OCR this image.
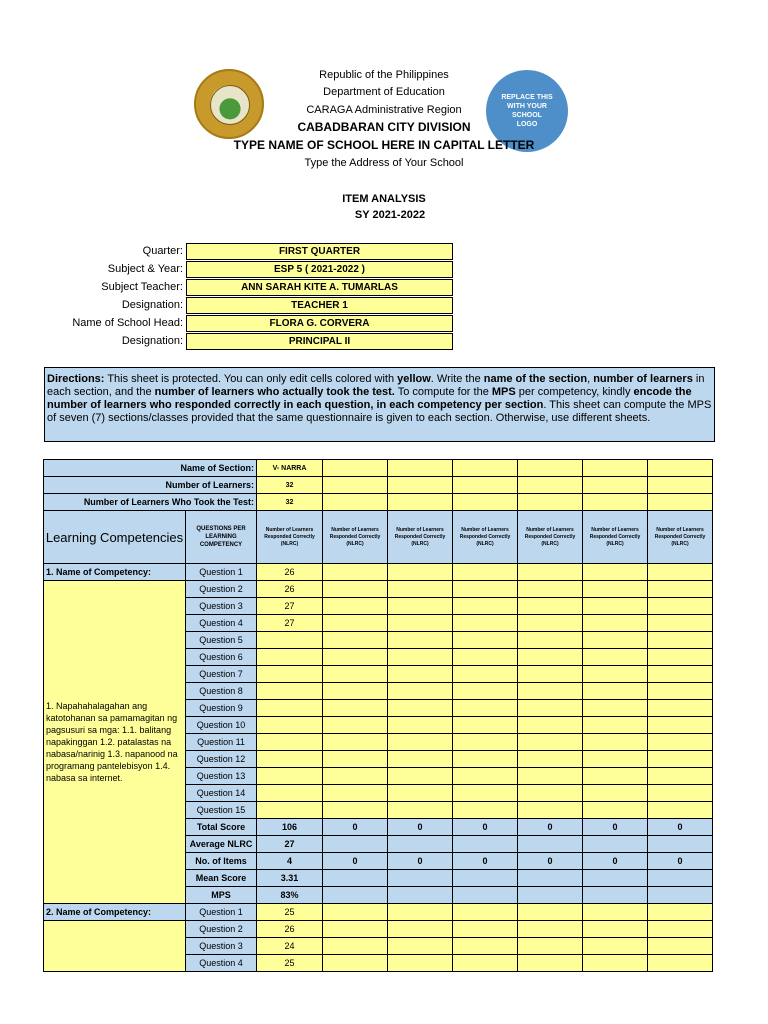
REPLACE THIS WITH YOUR SCHOOL LOGO
Republic of the Philippines
Department of Education
CARAGA Administrative Region
CABADBARAN CITY DIVISION
TYPE NAME OF SCHOOL HERE IN CAPITAL LETTER
Type the Address of Your School
ITEM ANALYSIS
SY 2021-2022
Quarter:	FIRST QUARTER
Subject & Year:	ESP 5 ( 2021-2022 )
Subject Teacher:	ANN SARAH KITE A. TUMARLAS
Designation:	TEACHER 1
Name of School Head:	FLORA G. CORVERA
Designation:	PRINCIPAL II
Directions: This sheet is protected. You can only edit cells colored with yellow. Write the name of the section, number of learners in each section, and the number of learners who actually took the test. To compute for the MPS per competency, kindly encode the number of learners who responded correctly in each question, in each competency per section. This sheet can compute the MPS of seven (7) sections/classes provided that the same questionnaire is given to each section. Otherwise, use different sheets.
Name of Section:		V- NARRA						
Number of Learners:		32						
Number of Learners Who Took the Test:		32						
Learning Competencies	QUESTIONS PER LEARNING COMPETENCY	Number of Learners Responded Correctly (NLRC)	Number of Learners Responded Correctly (NLRC)	Number of Learners Responded Correctly (NLRC)	Number of Learners Responded Correctly (NLRC)	Number of Learners Responded Correctly (NLRC)	Number of Learners Responded Correctly (NLRC)	Number of Learners Responded Correctly (NLRC)
1. Name of Competency:	Question 1	26						
1. Napahahalagahan ang katotohanan sa pamamagitan ng pagsusuri sa mga: 1.1. balitang napakinggan 1.2. patalastas na nabasa/narinig 1.3. napanood na programang pantelebisyon 1.4. nabasa sa internet.	Question 2	26						
	Question 3	27						
	Question 4	27						
	Question 5							
	Question 6							
	Question 7							
	Question 8							
	Question 9							
	Question 10							
	Question 11							
	Question 12							
	Question 13							
	Question 14							
	Question 15							
	Total Score	106	0	0	0	0	0	0
	Average NLRC	27						
	No. of Items	4	0	0	0	0	0	0
	Mean Score	3.31						
	MPS	83%						
2. Name of Competency:	Question 1	25						
	Question 2	26						
	Question 3	24						
	Question 4	25						
